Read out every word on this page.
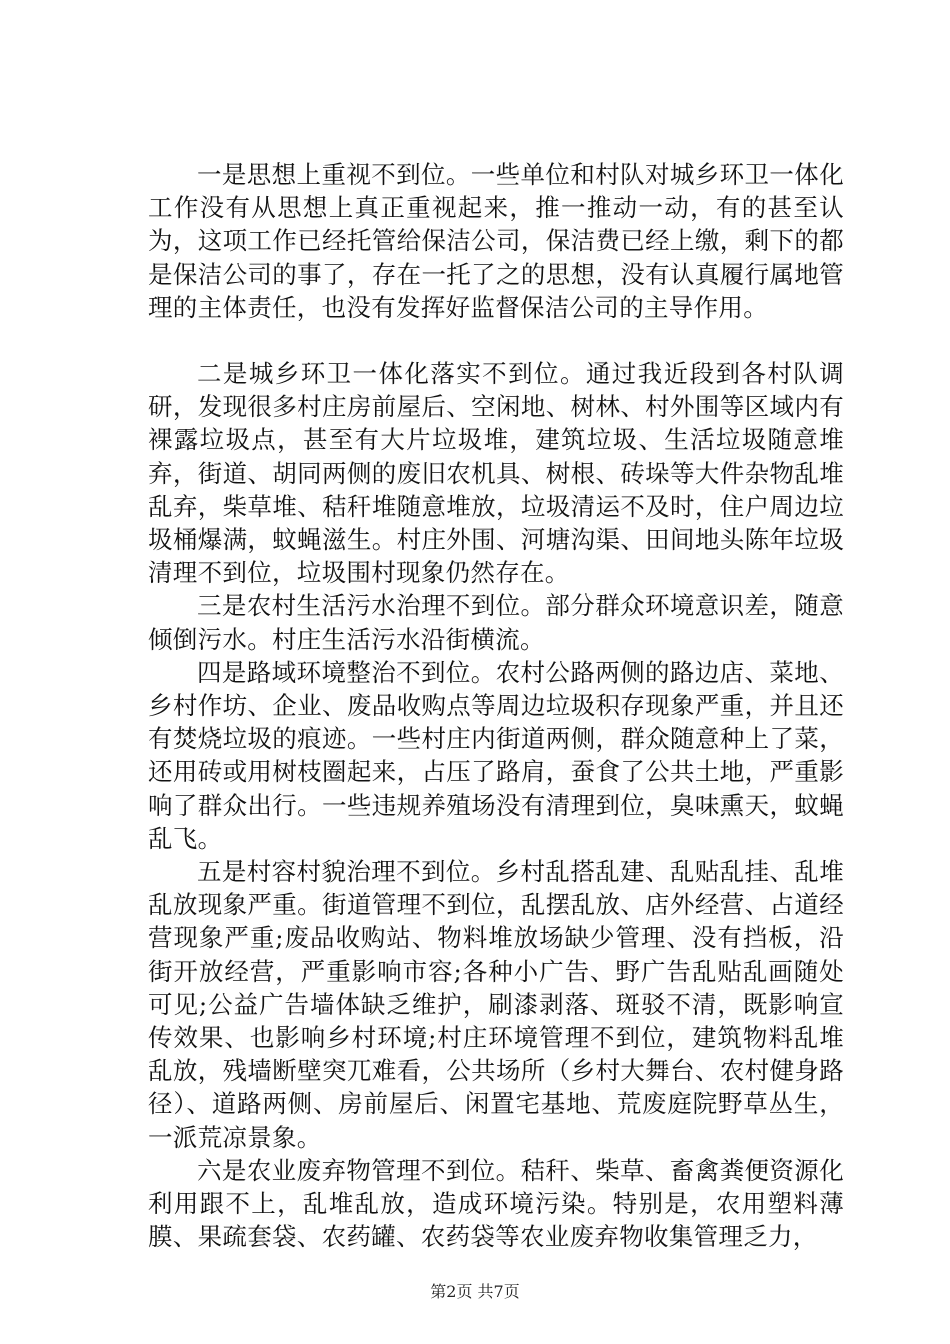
一是思想上重视不到位。一些单位和村队对城乡环卫一体化工作没有从思想上真正重视起来，推一推动一动，有的甚至认为，这项工作已经托管给保洁公司，保洁费已经上缴，剩下的都是保洁公司的事了，存在一托了之的思想，没有认真履行属地管理的主体责任，也没有发挥好监督保洁公司的主导作用。

二是城乡环卫一体化落实不到位。通过我近段到各村队调研，发现很多村庄房前屋后、空闲地、树林、村外围等区域内有裸露垃圾点，甚至有大片垃圾堆，建筑垃圾、生活垃圾随意堆弃，街道、胡同两侧的废旧农机具、树根、砖垛等大件杂物乱堆乱弃，柴草堆、秸秆堆随意堆放，垃圾清运不及时，住户周边垃圾桶爆满，蚊蝇滋生。村庄外围、河塘沟渠、田间地头陈年垃圾清理不到位，垃圾围村现象仍然存在。

三是农村生活污水治理不到位。部分群众环境意识差，随意倾倒污水。村庄生活污水沿街横流。

四是路域环境整治不到位。农村公路两侧的路边店、菜地、乡村作坊、企业、废品收购点等周边垃圾积存现象严重，并且还有焚烧垃圾的痕迹。一些村庄内街道两侧，群众随意种上了菜，还用砖或用树枝圈起来，占压了路肩，蚕食了公共土地，严重影响了群众出行。一些违规养殖场没有清理到位，臭味熏天，蚊蝇乱飞。

五是村容村貌治理不到位。乡村乱搭乱建、乱贴乱挂、乱堆乱放现象严重。街道管理不到位，乱摆乱放、店外经营、占道经营现象严重;废品收购站、物料堆放场缺少管理、没有挡板，沿街开放经营，严重影响市容;各种小广告、野广告乱贴乱画随处可见;公益广告墙体缺乏维护，刷漆剥落、斑驳不清，既影响宣传效果、也影响乡村环境;村庄环境管理不到位，建筑物料乱堆乱放，残墙断壁突兀难看，公共场所（乡村大舞台、农村健身路径）、道路两侧、房前屋后、闲置宅基地、荒废庭院野草丛生，一派荒凉景象。

六是农业废弃物管理不到位。秸秆、柴草、畜禽粪便资源化利用跟不上，乱堆乱放，造成环境污染。特别是，农用塑料薄膜、果疏套袋、农药罐、农药袋等农业废弃物收集管理乏力，

第2页 共7页
